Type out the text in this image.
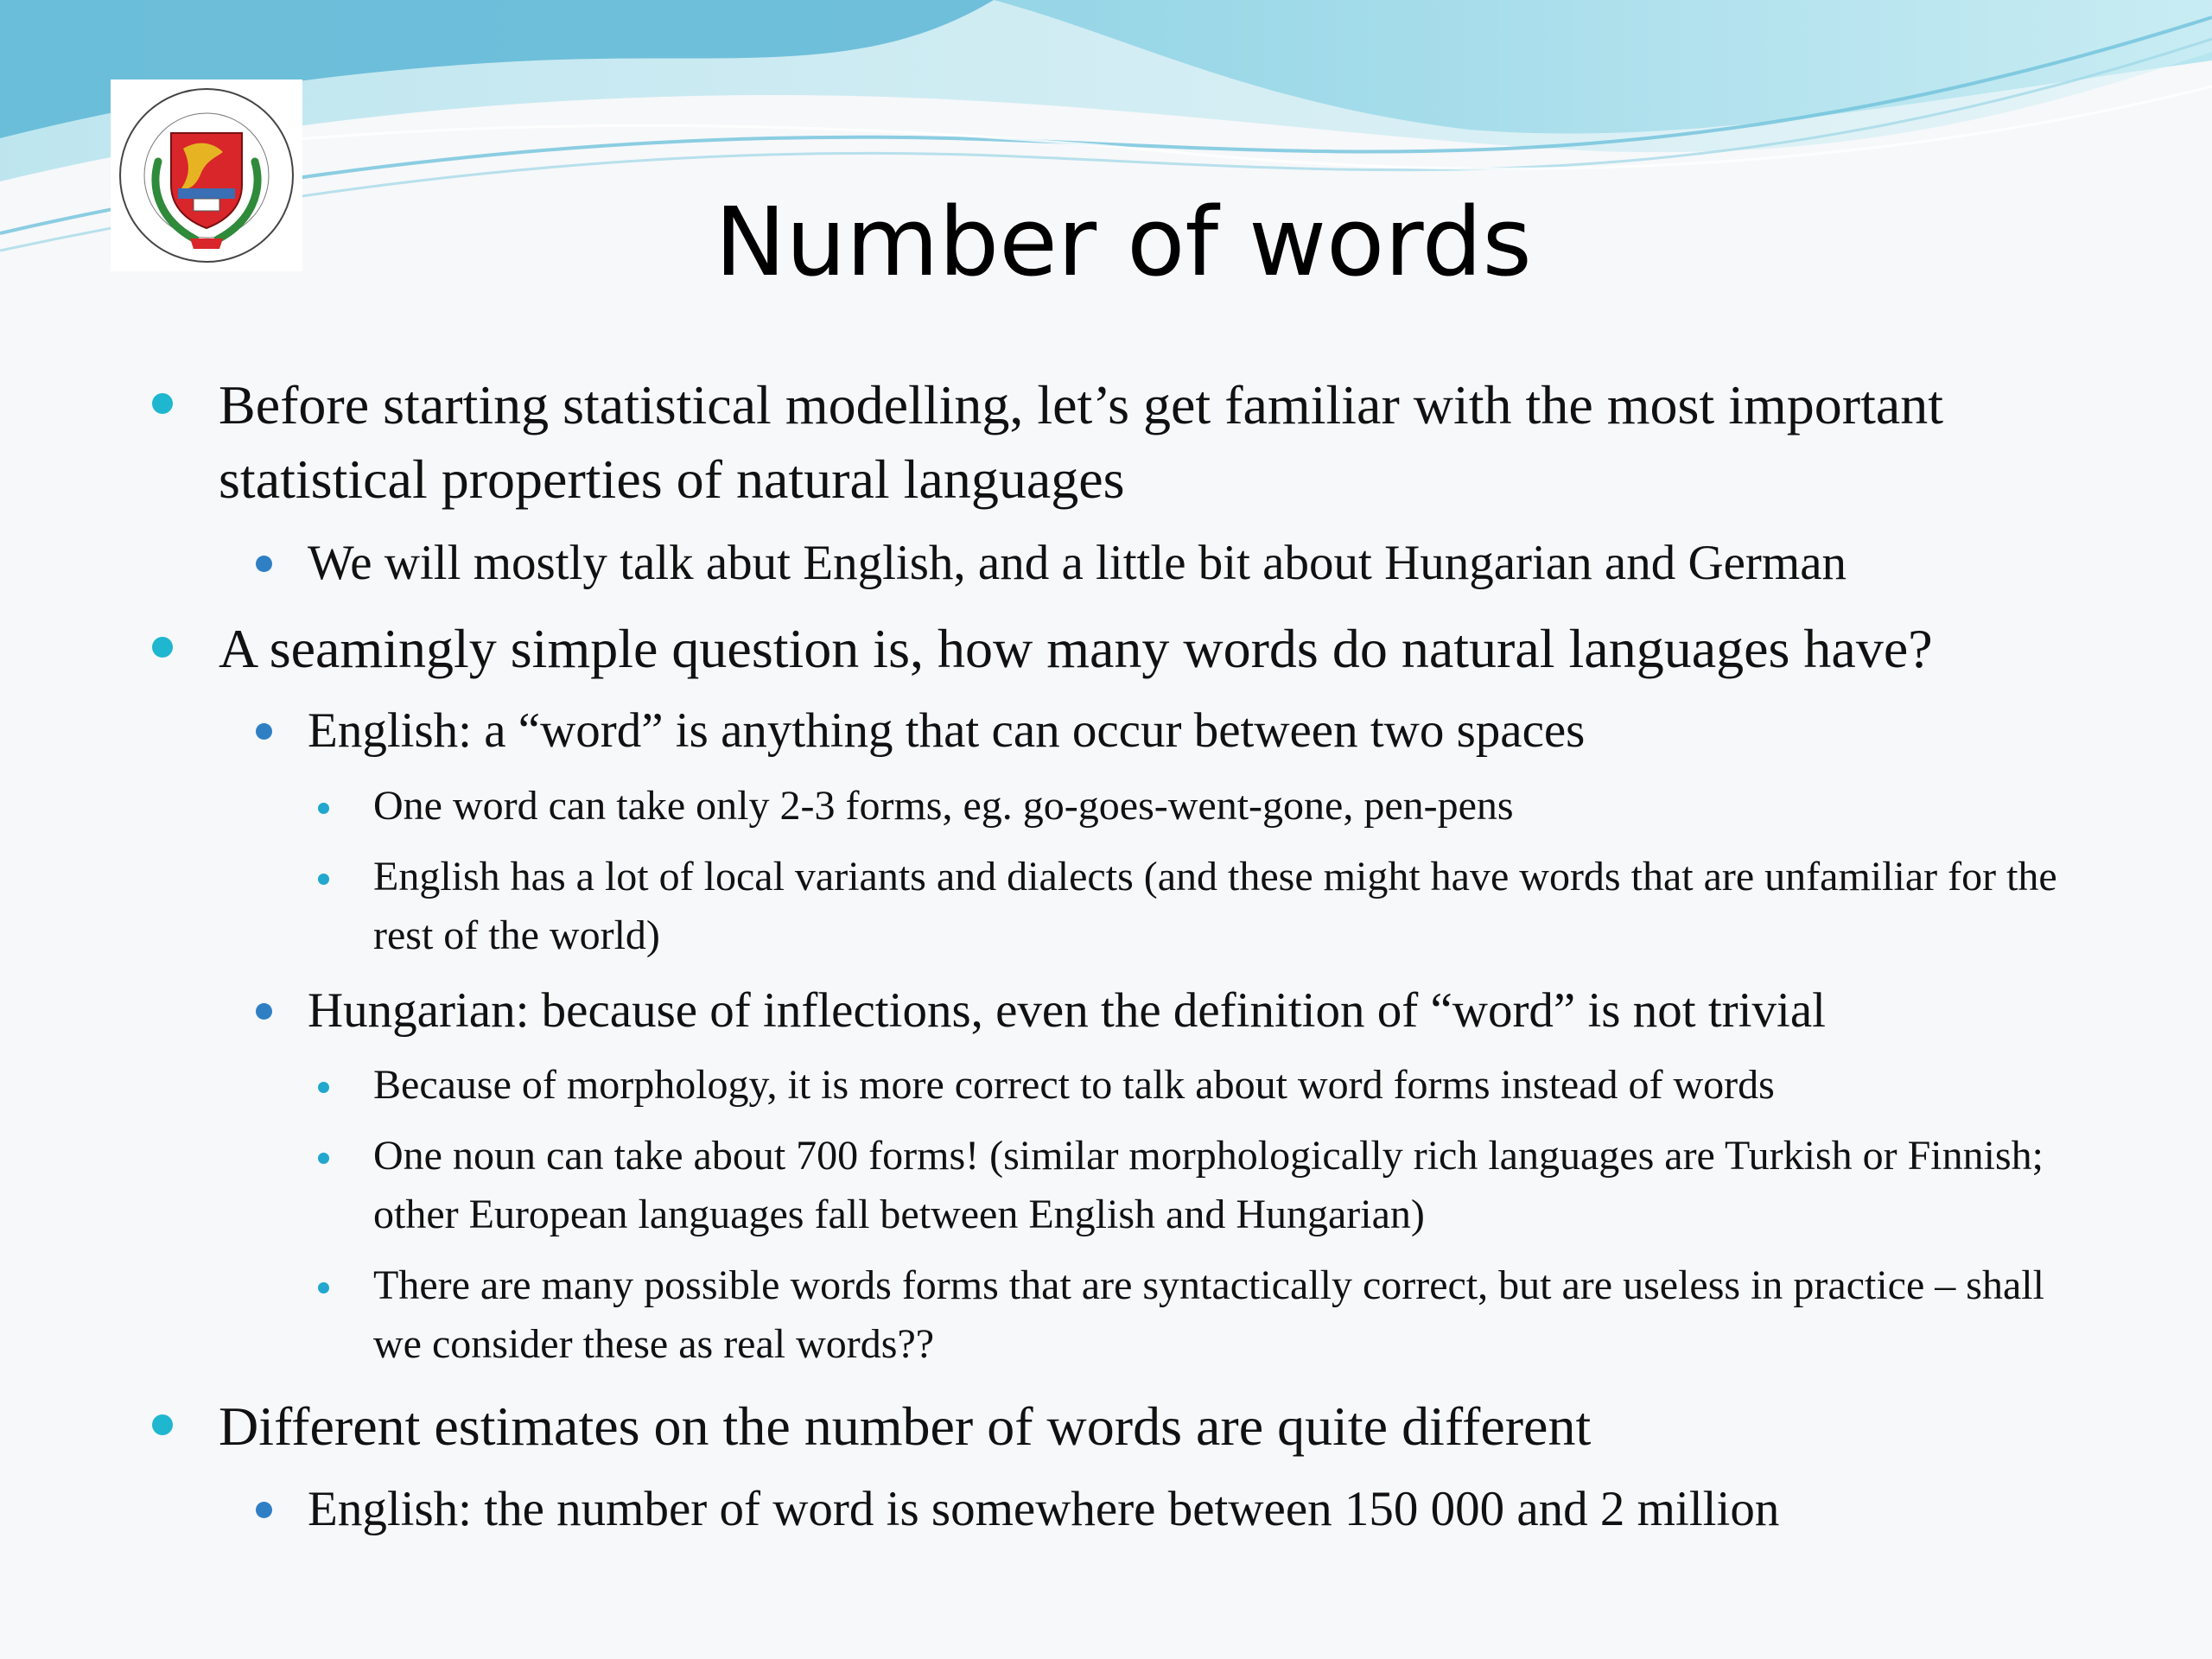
Number of words

Before starting statistical modelling, let’s get familiar with the most important statistical properties of natural languages

We will mostly talk abut English, and a little bit about Hungarian and German

A seamingly simple question is, how many words do natural languages have?

English: a “word” is anything that can occur between two spaces

One word can take only 2-3 forms, eg. go-goes-went-gone, pen-pens

English has a lot of local variants and dialects (and these might have words that are unfamiliar for the rest of the world)

Hungarian: because of inflections, even the definition of “word” is not trivial

Because of morphology, it is more correct to talk about word forms instead of words

One noun can take about 700 forms! (similar morphologically rich languages are Turkish or Finnish; other European languages fall between English and Hungarian)

There are many possible words forms that are syntactically correct, but are useless in practice – shall we consider these as real words??

Different estimates on the number of words are quite different

English: the number of word is somewhere between 150 000 and 2 million
